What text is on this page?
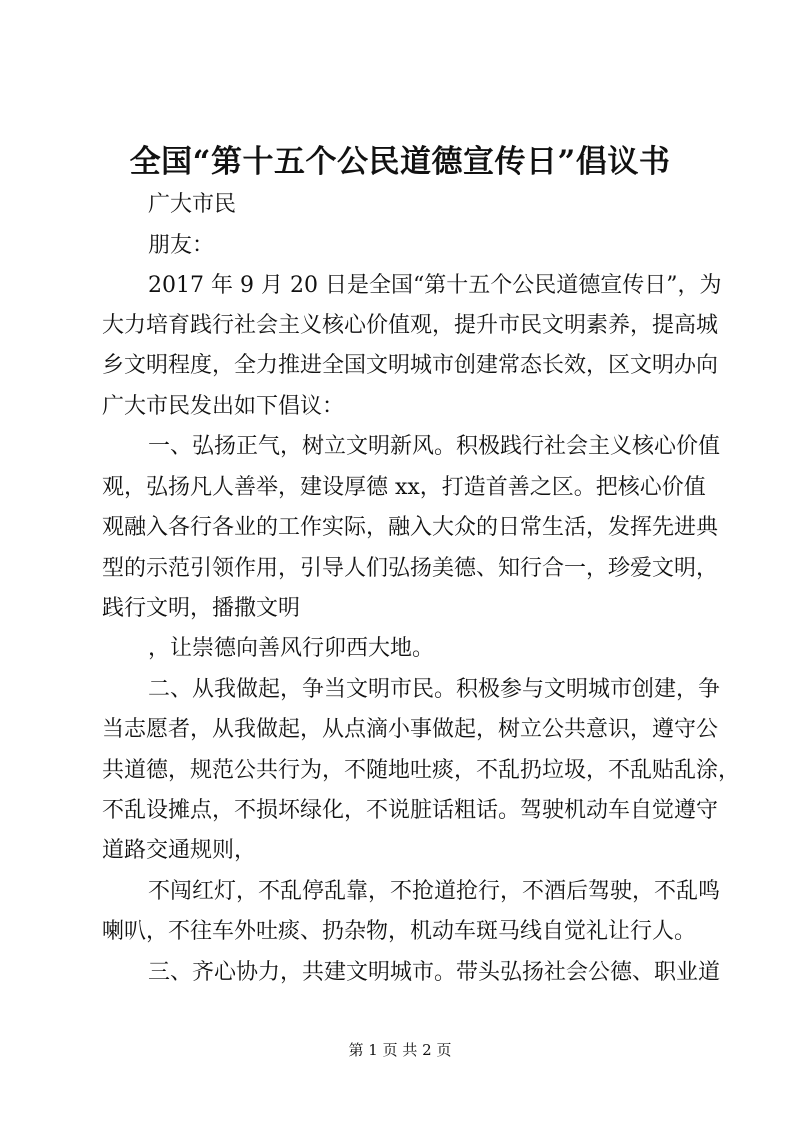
全国“第十五个公民道德宣传日”倡议书

广大市民

朋友：

2017 年 9 月 20 日是全国“第十五个公民道德宣传日”，为

大力培育践行社会主义核心价值观，提升市民文明素养，提高城

乡文明程度，全力推进全国文明城市创建常态长效，区文明办向

广大市民发出如下倡议：

一、弘扬正气，树立文明新风。积极践行社会主义核心价值

观，弘扬凡人善举，建设厚德 xx，打造首善之区。把核心价值

观融入各行各业的工作实际，融入大众的日常生活，发挥先进典

型的示范引领作用，引导人们弘扬美德、知行合一，珍爱文明，

践行文明，播撒文明

，让崇德向善风行卯西大地。

二、从我做起，争当文明市民。积极参与文明城市创建，争

当志愿者，从我做起，从点滴小事做起，树立公共意识，遵守公

共道德，规范公共行为，不随地吐痰，不乱扔垃圾，不乱贴乱涂，

不乱设摊点，不损坏绿化，不说脏话粗话。驾驶机动车自觉遵守

道路交通规则，

不闯红灯，不乱停乱靠，不抢道抢行，不酒后驾驶，不乱鸣

喇叭，不往车外吐痰、扔杂物，机动车斑马线自觉礼让行人。

三、齐心协力，共建文明城市。带头弘扬社会公德、职业道

第 1 页 共 2 页
